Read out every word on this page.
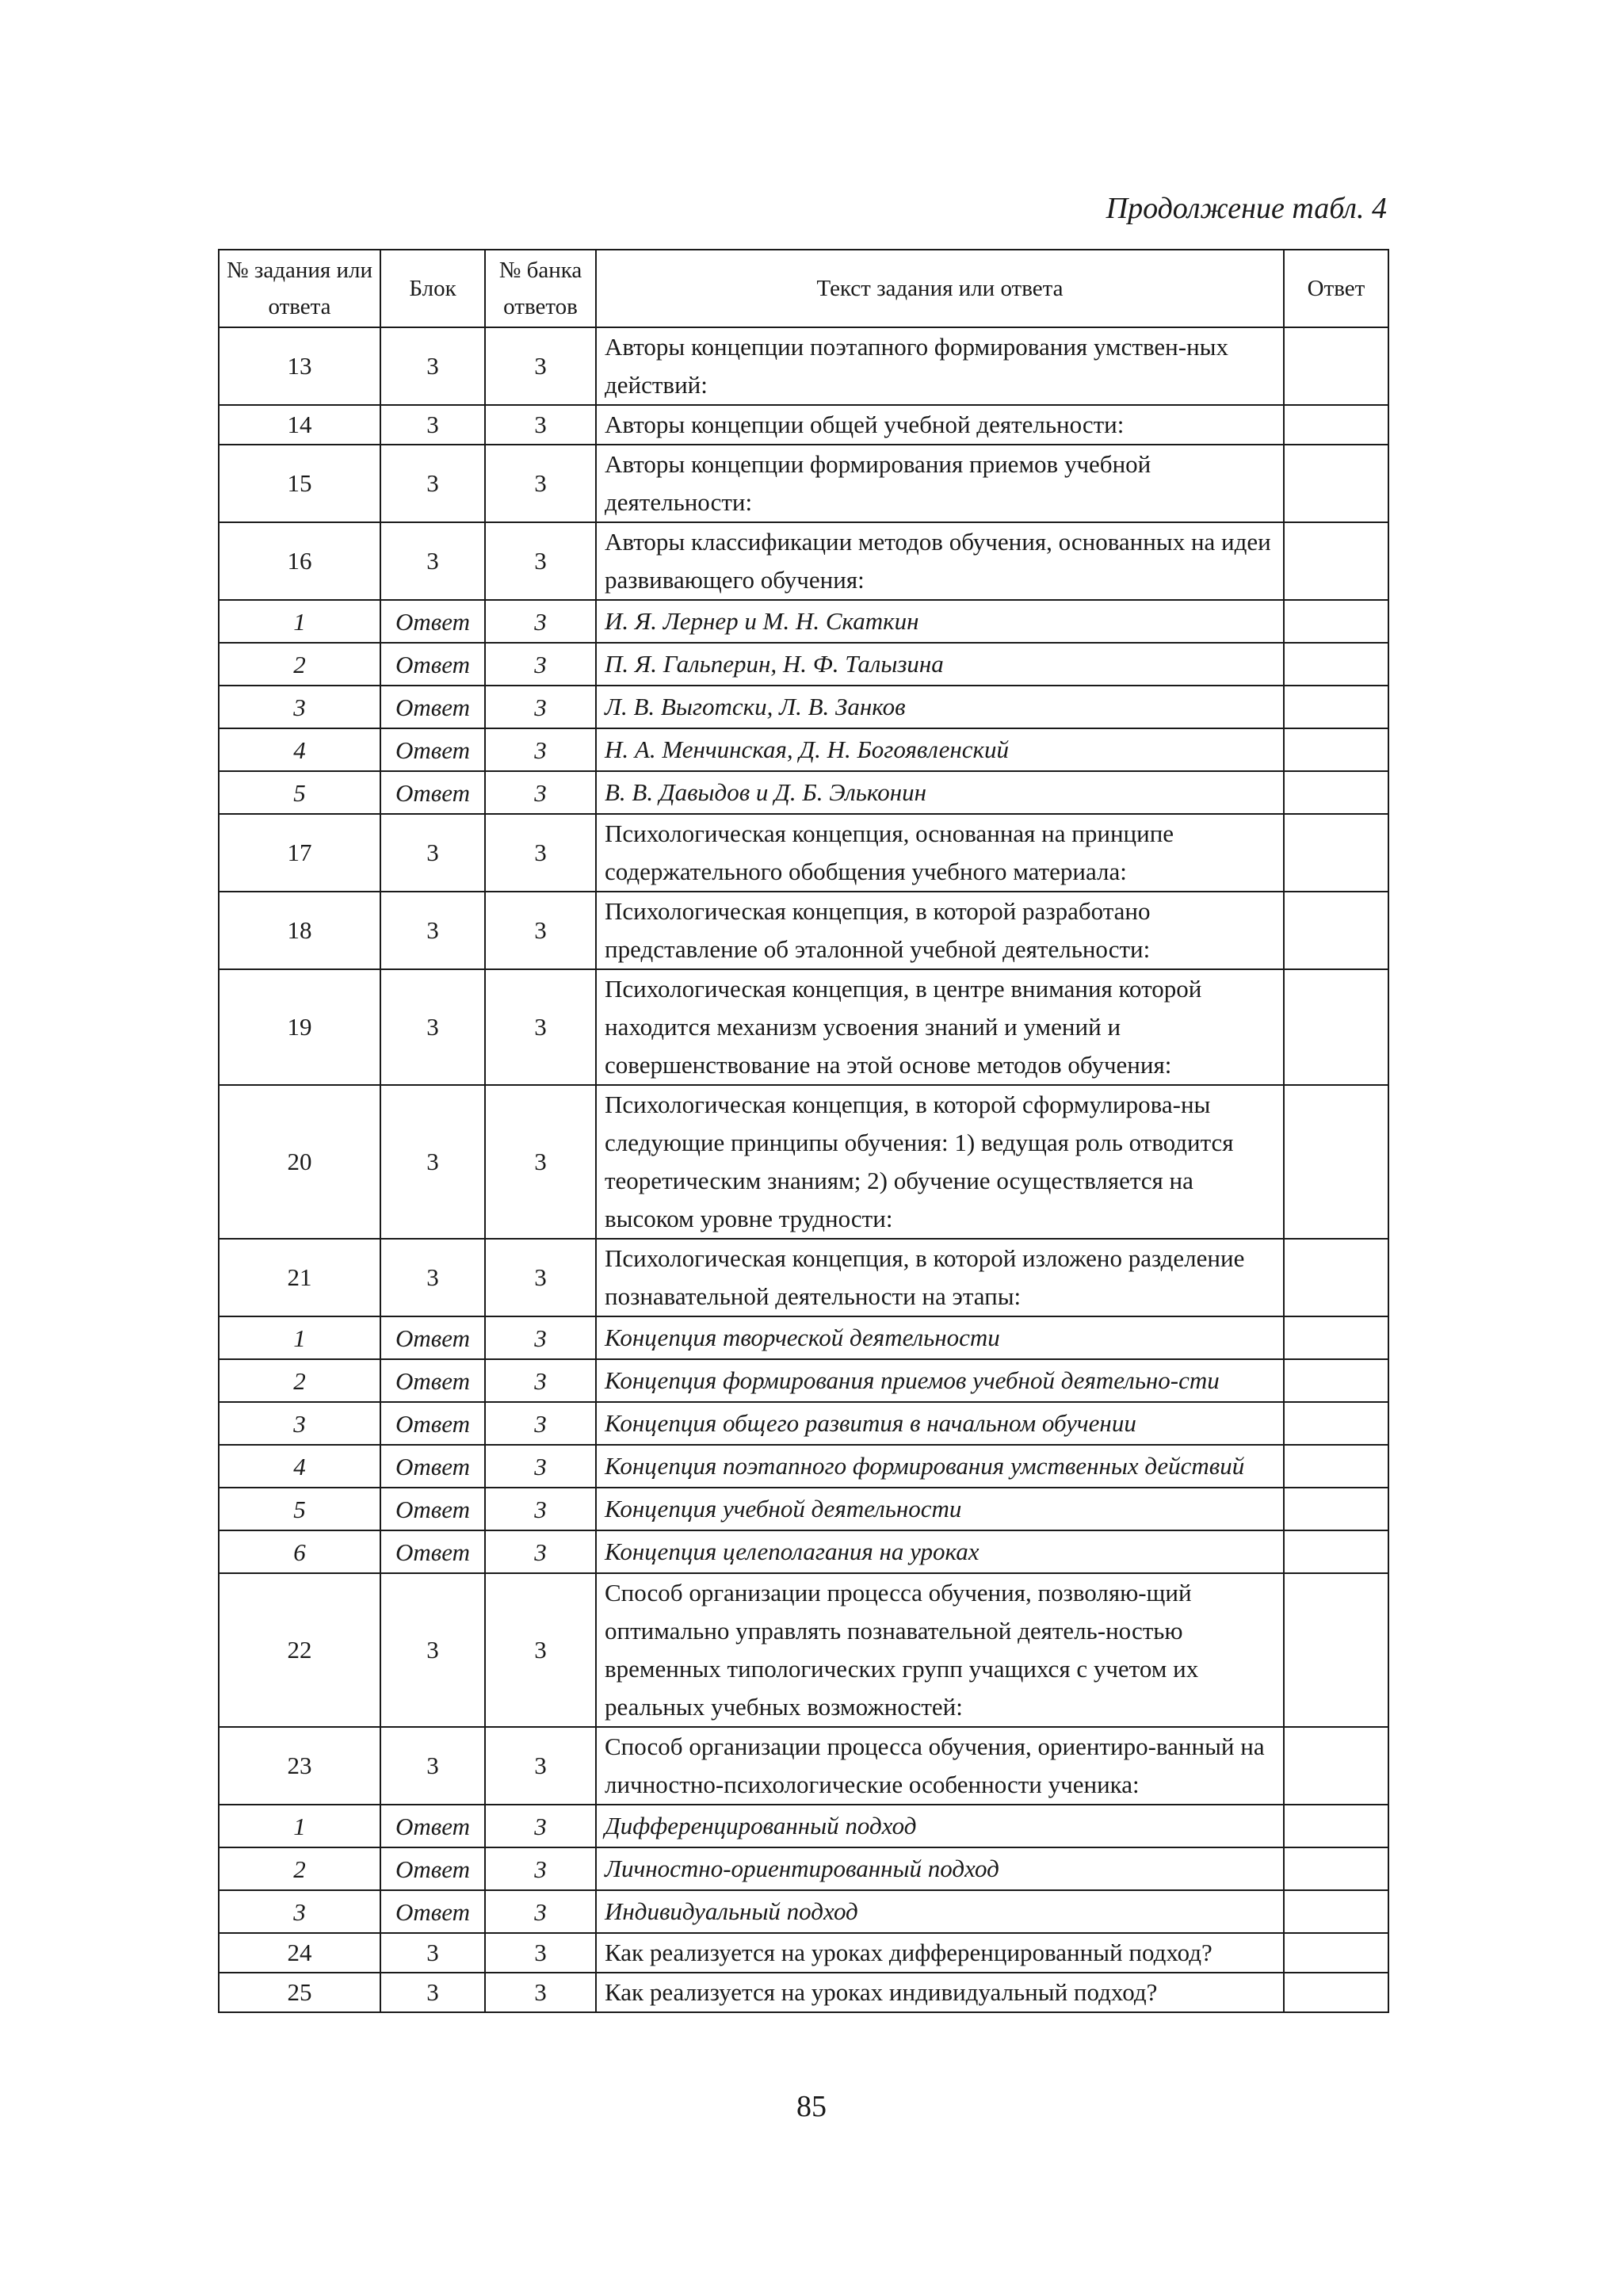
Продолжение табл. 4
№ задания или ответа	Блок	№ банка ответов	Текст задания или ответа	Ответ
13	3	3	Авторы концепции поэтапного формирования умствен-ных действий:	
14	3	3	Авторы концепции общей учебной деятельности:	
15	3	3	Авторы концепции формирования приемов учебной деятельности:	
16	3	3	Авторы классификации методов обучения, основанных на идеи развивающего обучения:	
1	Ответ	3	И. Я. Лернер и М. Н. Скаткин	
2	Ответ	3	П. Я. Гальперин, Н. Ф. Талызина	
3	Ответ	3	Л. В. Выготски, Л. В. Занков	
4	Ответ	3	Н. А. Менчинская, Д. Н. Богоявленский	
5	Ответ	3	В. В. Давыдов и Д. Б. Эльконин	
17	3	3	Психологическая концепция, основанная на принципе содержательного обобщения учебного материала:	
18	3	3	Психологическая концепция, в которой разработано представление об эталонной учебной деятельности:	
19	3	3	Психологическая концепция, в центре внимания которой находится механизм усвоения знаний и умений и совершенствование на этой основе методов обучения:	
20	3	3	Психологическая концепция, в которой сформулирова-ны следующие принципы обучения: 1) ведущая роль отводится теоретическим знаниям; 2) обучение осуществляется на высоком уровне трудности:	
21	3	3	Психологическая концепция, в которой изложено разделение познавательной деятельности на этапы:	
1	Ответ	3	Концепция творческой деятельности	
2	Ответ	3	Концепция формирования приемов учебной деятельно-сти	
3	Ответ	3	Концепция общего развития в начальном обучении	
4	Ответ	3	Концепция поэтапного формирования умственных действий	
5	Ответ	3	Концепция учебной деятельности	
6	Ответ	3	Концепция целеполагания на уроках	
22	3	3	Способ организации процесса обучения, позволяю-щий оптимально управлять познавательной деятель-ностью временных типологических групп учащихся с учетом их реальных учебных возможностей:	
23	3	3	Способ организации процесса обучения, ориентиро-ванный на личностно-психологические особенности ученика:	
1	Ответ	3	Дифференцированный подход	
2	Ответ	3	Личностно-ориентированный подход	
3	Ответ	3	Индивидуальный подход	
24	3	3	Как реализуется на уроках дифференцированный подход?	
25	3	3	Как реализуется на уроках индивидуальный подход?	
85
